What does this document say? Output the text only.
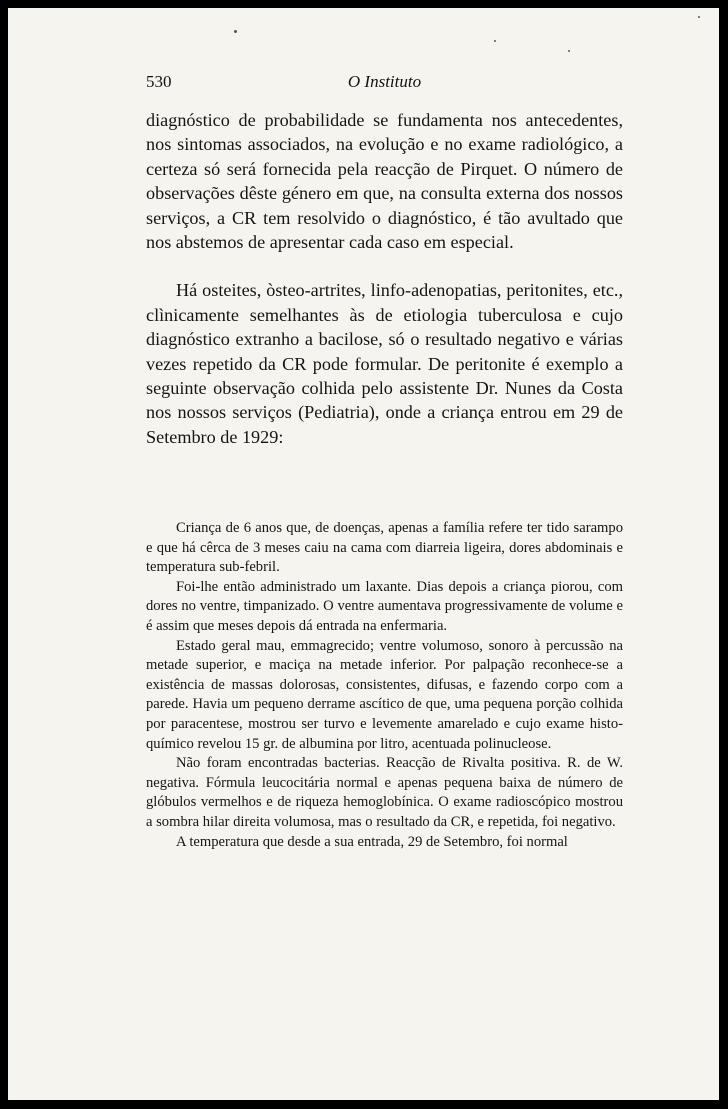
530	O Instituto

diagnóstico de probabilidade se fundamenta nos antecedentes, nos sintomas associados, na evolução e no exame radiológico, a certeza só será fornecida pela reacção de Pirquet. O número de observações dêste género em que, na consulta externa dos nossos serviços, a CR tem resolvido o diagnóstico, é tão avultado que nos abstemos de apresentar cada caso em especial.

Há osteites, òsteo-artrites, linfo-adenopatias, peritonites, etc., clìnicamente semelhantes às de etiologia tuberculosa e cujo diagnóstico extranho a bacilose, só o resultado negativo e várias vezes repetido da CR pode formular. De peritonite é exemplo a seguinte observação colhida pelo assistente Dr. Nunes da Costa nos nossos serviços (Pediatria), onde a criança entrou em 29 de Setembro de 1929:

Criança de 6 anos que, de doenças, apenas a família refere ter tido sarampo e que há cêrca de 3 meses caiu na cama com diarreia ligeira, dores abdominais e temperatura sub-febril.

Foi-lhe então administrado um laxante. Dias depois a criança piorou, com dores no ventre, timpanizado. O ventre aumentava progressivamente de volume e é assim que meses depois dá entrada na enfermaria.

Estado geral mau, emmagrecido; ventre volumoso, sonoro à percussão na metade superior, e maciça na metade inferior. Por palpação reconhece-se a existência de massas dolorosas, consistentes, difusas, e fazendo corpo com a parede. Havia um pequeno derrame ascítico de que, uma pequena porção colhida por paracentese, mostrou ser turvo e levemente amarelado e cujo exame histo-químico revelou 15 gr. de albumina por litro, acentuada polinucleose.

Não foram encontradas bacterias. Reacção de Rivalta positiva. R. de W. negativa. Fórmula leucocitária normal e apenas pequena baixa de número de glóbulos vermelhos e de riqueza hemoglobínica. O exame radioscópico mostrou a sombra hilar direita volumosa, mas o resultado da CR, e repetida, foi negativo.

A temperatura que desde a sua entrada, 29 de Setembro, foi normal
